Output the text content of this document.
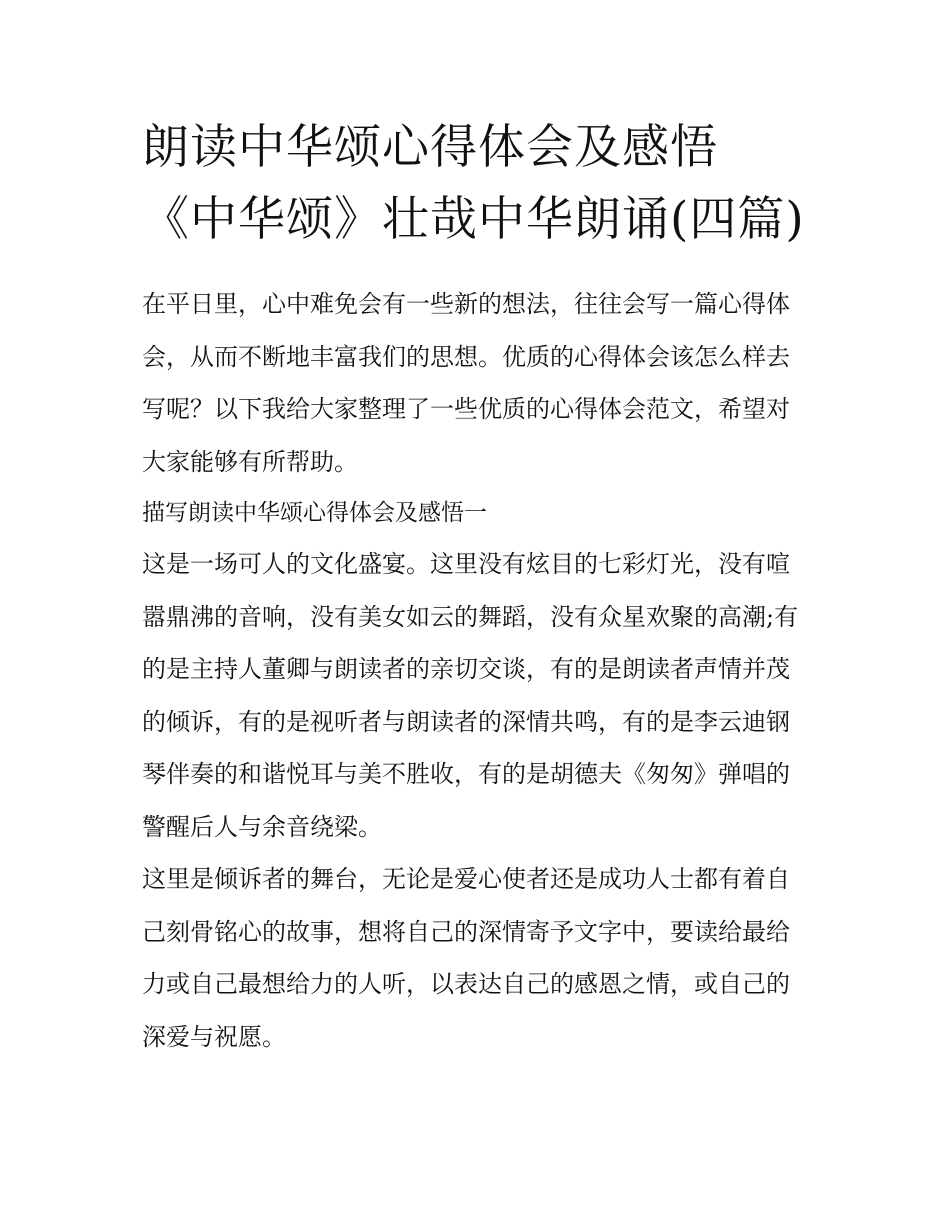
朗读中华颂心得体会及感悟《中华颂》壮哉中华朗诵(四篇)

在平日里，心中难免会有一些新的想法，往往会写一篇心得体会，从而不断地丰富我们的思想。优质的心得体会该怎么样去写呢？以下我给大家整理了一些优质的心得体会范文，希望对大家能够有所帮助。

描写朗读中华颂心得体会及感悟一

这是一场可人的文化盛宴。这里没有炫目的七彩灯光，没有喧嚣鼎沸的音响，没有美女如云的舞蹈，没有众星欢聚的高潮;有的是主持人董卿与朗读者的亲切交谈，有的是朗读者声情并茂的倾诉，有的是视听者与朗读者的深情共鸣，有的是李云迪钢琴伴奏的和谐悦耳与美不胜收，有的是胡德夫《匆匆》弹唱的警醒后人与余音绕梁。

这里是倾诉者的舞台，无论是爱心使者还是成功人士都有着自己刻骨铭心的故事，想将自己的深情寄予文字中，要读给最给力或自己最想给力的人听，以表达自己的感恩之情，或自己的深爱与祝愿。
